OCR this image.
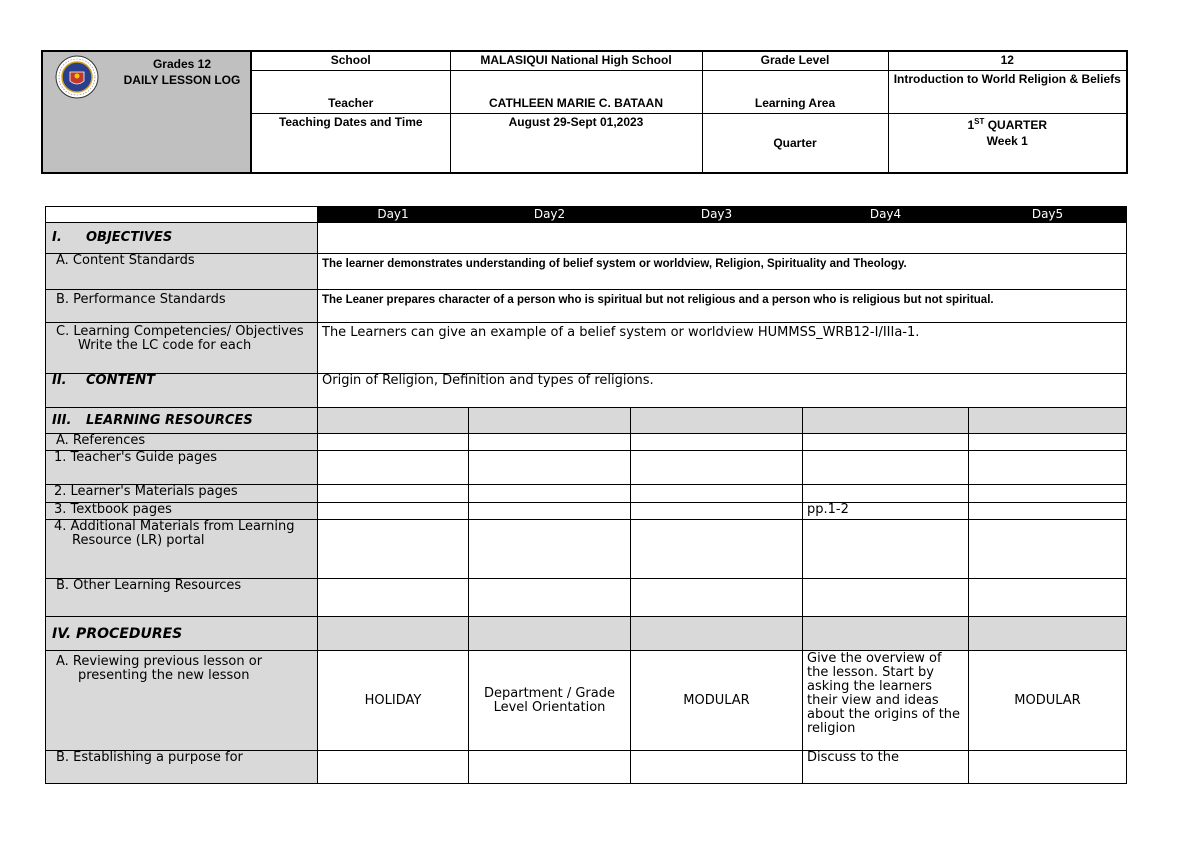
Grades 12
DAILY LESSON LOG	School	MALASIQUI National High School	Grade Level	12
	Teacher	CATHLEEN MARIE C. BATAAN	Learning Area	Introduction to World Religion & Beliefs
	Teaching Dates and Time	August 29-Sept 01,2023	Quarter	1ST QUARTER
Week 1
	Day1	Day2	Day3	Day4	Day5
I. OBJECTIVES					
A. Content Standards	The learner demonstrates understanding of belief system or worldview, Religion, Spirituality and Theology.				
B. Performance Standards	The Leaner prepares character of a person who is spiritual but not religious and a person who is religious but not spiritual.				

C. Learning Competencies/ Objectives
Write the LC code for each	The Learners can give an example of a belief system or worldview HUMMSS_WRB12-I/IIIa-1.				
II. CONTENT	Origin of Religion, Definition and types of religions.				
III. LEARNING RESOURCES					
A. References					
1. Teacher's Guide pages					
2. Learner's Materials pages					
3. Textbook pages				pp.1-2	
4. Additional Materials from Learning Resource (LR) portal					
B. Other Learning Resources					
IV. PROCEDURES					
A. Reviewing previous lesson or presenting the new lesson	HOLIDAY	Department / Grade Level Orientation	MODULAR	Give the overview of the lesson. Start by asking the learners their view and ideas about the origins of the religion	MODULAR
B. Establishing a purpose for				Discuss to the	
